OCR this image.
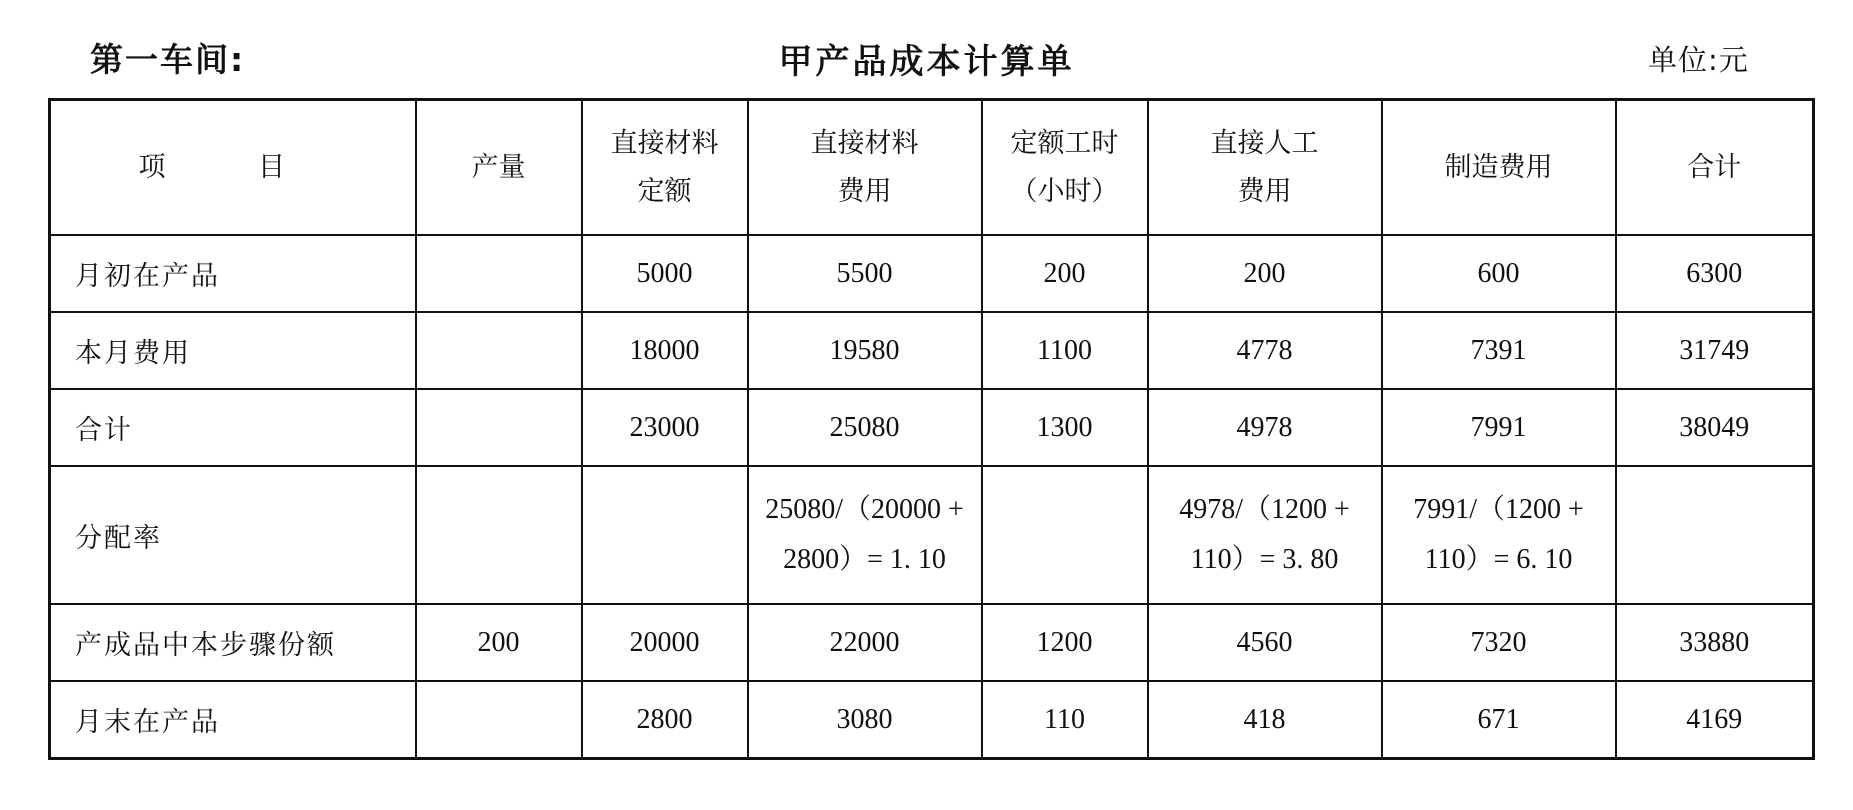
第一车间:	甲产品成本计算单	单位:元
项 目	产量	直接材料定额	直接材料费用	定额工时（小时）	直接人工费用	制造费用	合计
月初在产品		5000	5500	200	200	600	6300
本月费用		18000	19580	1100	4778	7391	31749
合计		23000	25080	1300	4978	7991	38049
分配率			25080/（20000 + 2800）= 1. 10		4978/（1200 + 110）= 3. 80	7991/（1200 + 110）= 6. 10	
产成品中本步骤份额	200	20000	22000	1200	4560	7320	33880
月末在产品		2800	3080	110	418	671	4169
